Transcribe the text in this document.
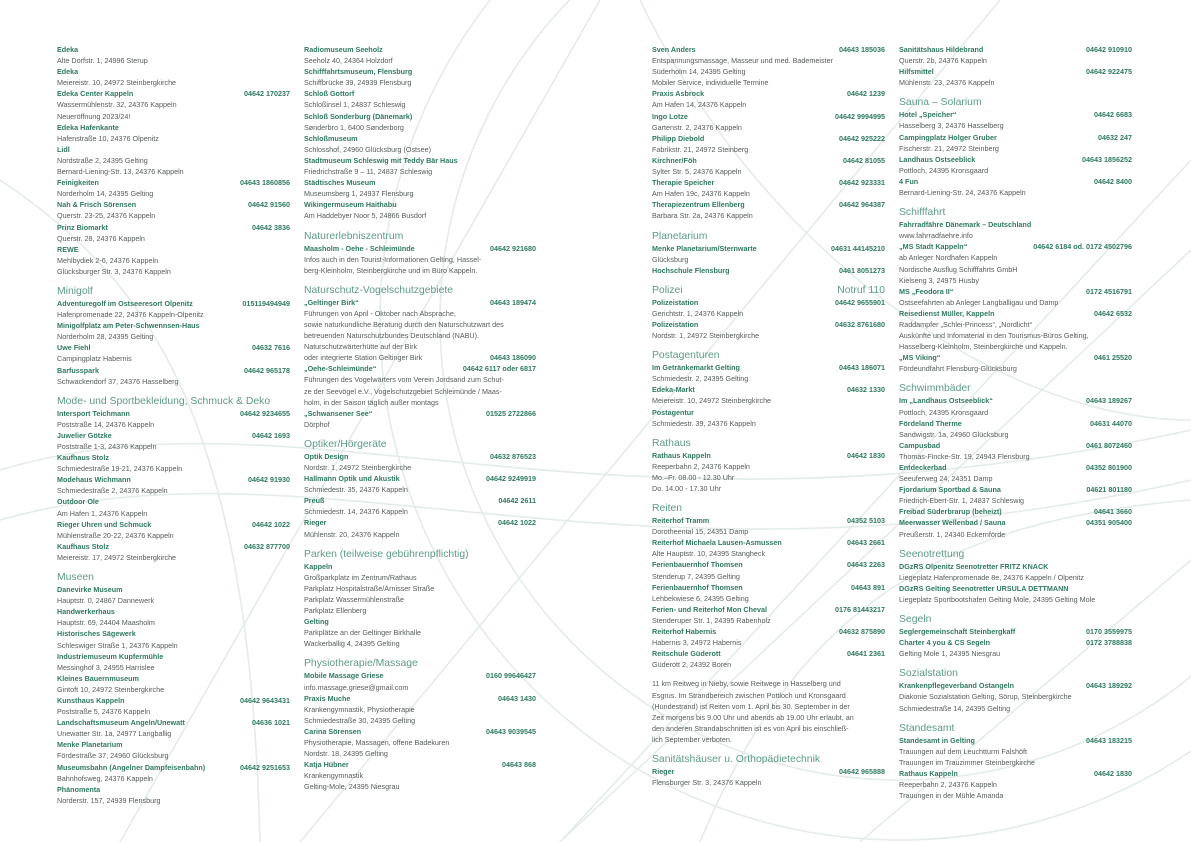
Edeka
Alte Dorfstr. 1, 24996 Sterup
Edeka
Meiereistr. 10, 24972 Steinbergkirche
Edeka Center Kappeln	04642 170237
Wassermühlenstr. 32, 24376 Kappeln
Neueröffnung 2023/24!
Edeka Hafenkante
Hafenstraße 10, 24376 Olpenitz
Lidl
Nordstraße 2, 24395 Gelting
Bernard-Liening-Str. 13, 24376 Kappeln
Feinigkeiten	04643 1860856
Norderholm 14, 24395 Gelting
Nah & Frisch Sörensen	04642 91560
Querstr. 23-25, 24376 Kappeln
Prinz Biomarkt	04642 3836
Querstr. 28, 24376 Kappeln
REWE
Mehlbydiek 2-6, 24376 Kappeln
Glücksburger Str. 3, 24376 Kappeln
Minigolf
Adventuregolf im Ostseeresort Olpenitz	015119494949
Hafenpromenade 22, 24376 Kappeln-Olpenitz
Minigolfplatz am Peter-Schwennsen-Haus
Norderholm 28, 24395 Gelting
Uwe Fiehl	04632 7616
Campingplatz Habernis
Barfusspark	04642 965178
Schwackendorf 37, 24376 Hasselberg
Mode- und Sportbekleidung, Schmuck & Deko
Intersport Teichmann	04642 9234655
Poststraße 14, 24376 Kappeln
Juwelier Götzke	04642 1693
Poststraße 1-3, 24376 Kappeln
Kaufhaus Stolz
Schmiedestraße 19-21, 24376 Kappeln
Modehaus Wichmann	04642 91930
Schmiedestraße 2, 24376 Kappeln
Outdoor Ole
Am Hafen 1, 24376 Kappeln
Rieger Uhren und Schmuck	04642 1022
Mühlenstraße 20-22, 24376 Kappeln
Kaufhaus Stolz	04632 877700
Meiereistr. 17, 24972 Steinbergkirche
Museen
Danevirke Museum
Hauptstr. 0, 24867 Dannewerk
Handwerkerhaus
Hauptstr. 69, 24404 Maasholm
Historisches Sägewerk
Schleswiger Straße 1, 24376 Kappeln
Industriemuseum Kupfermühle
Messinghof 3, 24955 Harrislee
Kleines Bauernmuseum
Gintoft 10, 24972 Steinbergkirche
Kunsthaus Kappeln	04642 9643431
Poststraße 5, 24376 Kappeln
Landschaftsmuseum Angeln/Unewatt	04636 1021
Unewatter Str. 1a, 24977 Langballig
Menke Planetarium
Fördestraße 37, 24960 Glücksburg
Museumsbahn (Angelner Dampfeisenbahn)	04642 9251653
Bahnhofsweg, 24376 Kappeln
Phänomenta
Norderstr. 157, 24939 Flensburg
Radiomuseum Seeholz
Seeholz 40, 24364 Holzdorf
Schifffahrtsmuseum, Flensburg
Schiffbrücke 39, 24939 Flensburg
Schloß Gottorf
Schloßinsel 1, 24837 Schleswig
Schloß Sonderburg (Dänemark)
Sønderbro 1, 6400 Sønderborg
Schloßmuseum
Schlosshof, 24960 Glücksburg (Ostsee)
Stadtmuseum Schleswig mit Teddy Bär Haus
Friedrichstraße 9 – 11, 24837 Schleswig
Städtisches Museum
Museumsberg 1, 24937 Flensburg
Wikingermuseum Haithabu
Am Haddebyer Noor 5, 24866 Busdorf
Naturerlebniszentrum
Maasholm - Oehe - Schleimünde	04642 921680
Infos auch in den Tourist-Informationen Gelting, Hassel-
berg-Kleinholm, Steinbergkirche und im Büro Kappeln.
Naturschutz-Vogelschutzgebiete
„Geltinger Birk“	04643 189474
Führungen von April - Oktober nach Absprache,
sowie naturkundliche Beratung durch den Naturschutzwart des
betreuenden Naturschutzbundes Deutschland (NABU).
Naturschutzwärterhütte auf der Birk
oder integrierte Station Geltinger Birk	04643 186090
„Oehe-Schleimünde“	04642 6117 oder 6817
Führungen des Vogelwärters vom Verein Jordsand zum Schut-
ze der Seevögel e.V., Vogelschutzgebiet Schleimünde / Maas-
holm, in der Saison täglich außer montags
„Schwansener See“	01525 2722866
Dörphof
Optiker/Hörgeräte
Optik Design	04632 876523
Nordstr. 1, 24972 Steinbergkirche
Hallmann Optik und Akustik	04642 9249919
Schmiedestr. 35, 24376 Kappeln
Preuß	04642 2611
Schmiedestr. 14, 24376 Kappeln
Rieger	04642 1022
Mühlenstr. 20, 24376 Kappeln
Parken (teilweise gebührenpflichtig)
Kappeln
Großparkplatz im Zentrum/Rathaus
Parkplatz Hospitalstraße/Arnisser Straße
Parkplatz Wassermühlenstraße
Parkplatz Ellenberg
Gelting
Parkplätze an der Geltinger Birkhalle
Wackerballig 4, 24395 Gelting
Physiotherapie/Massage
Mobile Massage Griese	0160 99646427
info.massage.griese@gmail.com
Praxis Muche	04643 1430
Krankengymnastik, Physiotherapie
Schmiedestraße 30, 24395 Gelting
Carina Sörensen	04643 9039545
Physiotherapie, Massagen, offene Badekuren
Nordstr. 18, 24395 Gelting
Katja Hübner	04643 868
Krankengymnastik
Gelting-Mole, 24395 Niesgrau
Sven Anders	04643 185036
Entspannungsmassage, Masseur und med. Bademeister
Süderholm 14, 24395 Gelting
Mobiler Service, individuelle Termine
Praxis Asbrock	04642 1239
Am Hafen 14, 24376 Kappeln
Ingo Lotze	04642 9994995
Gartenstr. 2, 24376 Kappeln
Philipp Diebold	04642 925222
Fabrikstr. 21, 24972 Steinberg
Kirchner/Föh	04642 81055
Sylter Str. 5, 24376 Kappeln
Therapie Speicher	04642 923331
Am Hafen 19c, 24376 Kappeln
Therapiezentrum Ellenberg	04642 964387
Barbara Str. 2a, 24376 Kappeln
Planetarium
Menke Planetarium/Sternwarte	04631 44145210
Glücksburg
Hochschule Flensburg	0461 8051273
Polizei	Notruf 110
Polizeistation	04642 9655901
Gerichtstr. 1, 24376 Kappeln
Polizeistation	04632 8761680
Nordstr. 1, 24972 Steinbergkirche
Postagenturen
Im Getränkemarkt Gelting	04643 186071
Schmiedestr. 2, 24395 Gelting
Edeka-Markt	04632 1330
Meiereistr. 10, 24972 Steinbergkirche
Postagentur
Schmiedestr. 39, 24376 Kappeln
Rathaus
Rathaus Kappeln	04642 1830
Reeperbahn 2, 24376 Kappeln
Mo.–Fr. 08.00 - 12.30 Uhr
Do. 14.00 - 17.30 Uhr
Reiten
Reiterhof Tramm	04352 5103
Dorotheental 15, 24351 Damp
Reiterhof Michaela Lausen-Asmussen	04643 2661
Alte Hauptstr. 10, 24395 Stangheck
Ferienbauernhof Thomsen	04643 2263
Stenderup 7, 24395 Gelting
Ferienbauernhof Thomsen	04643 891
Lehbekwiese 6, 24395 Gelting
Ferien- und Reiterhof Mon Cheval	0176 81443217
Stenderuper Str. 1, 24395 Rabenholz
Reiterhof Habernis	04632 875890
Habernis 3, 24972 Habernis
Reitschule Güderott	04641 2361
Güderott 2, 24392 Boren
11 km Reitweg in Nieby, sowie Reitwege in Hasselberg und
Esgrus. Im Strandbereich zwischen Pottloch und Kronsgaard
(Hundestrand) ist Reiten vom 1. April bis 30. September in der
Zeit morgens bis 9.00 Uhr und abends ab 19.00 Uhr erlaubt, an
den anderen Strandabschnitten ist es von April bis einschließ-
lich September verboten.
Sanitätshäuser u. Orthopädietechnik
Rieger	04642 965888
Flensburger Str. 3, 24376 Kappeln
Sanitätshaus Hildebrand	04642 910910
Querstr. 2b, 24376 Kappeln
Hilfsmittel	04642 922475
Mühlenstr. 23, 24376 Kappeln
Sauna – Solarium
Hotel „Speicher“	04642 6683
Hasselberg 3, 24376 Hasselberg
Campingplatz Holger Gruber	04632 247
Fischerstr. 21, 24972 Steinberg
Landhaus Ostseeblick	04643 1856252
Pottloch, 24395 Kronsgaard
4 Fun	04642 8400
Bernard-Liening-Str. 24, 24376 Kappeln
Schifffahrt
Fahrradfähre Dänemark – Deutschland
www.fahrradfaehre.info
„MS Stadt Kappeln“	04642 6184 od. 0172 4502796
ab Anleger Nordhafen Kappeln
Nordische Ausflug Schifffahrts GmbH
Kielseng 3, 24975 Husby
MS „Feodora II“	0172 4516791
Ostseefahrten ab Anleger Langballigau und Damp
Reisedienst Müller, Kappeln	04642 6532
Raddampfer „Schlei-Princess“, „Nordlicht“
Auskünfte und Infomaterial in den Tourismus-Büros Gelting,
Hasselberg-Kleinholm, Steinbergkirche und Kappeln.
„MS Viking“	0461 25520
Fördeundfahrt Flensburg-Glücksburg
Schwimmbäder
Im „Landhaus Ostseeblick“	04643 189267
Pottloch, 24395 Kronsgaard
Fördeland Therme	04631 44070
Sandwigstr. 1a, 24960 Glücksburg
Campusbad	0461 8072460
Thomas-Fincke-Str. 19, 24943 Flensburg
Entdeckerbad	04352 801900
Seeuferweg 24, 24351 Damp
Fjordarium Sportbad & Sauna	04621 801180
Friedrich-Ebert-Str. 1, 24837 Schleswig
Freibad Süderbrarup (beheizt)	04641 3660
Meerwasser Wellenbad / Sauna	04351 905400
Preußerstr. 1, 24340 Eckernförde
Seenotrettung
DGzRS Olpenitz Seenotretter FRITZ KNACK
Liegeplatz Hafenpromenade 8e, 24376 Kappeln / Olpenitz
DGzRS Gelting Seenotretter URSULA DETTMANN
Liegeplatz Sportbootshafen Gelting Mole, 24395 Gelting Mole
Segeln
Seglergemeinschaft Steinbergkaff	0170 3559975
Charter 4 you & CS Segeln	0172 3788838
Gelting Mole 1, 24395 Niesgrau
Sozialstation
Krankenpflegeverband Ostangeln	04643 189292
Diakonie Sozialstation Gelting, Sörup, Steinbergkirche
Schmiedestraße 14, 24395 Gelting
Standesamt
Standesamt in Gelting	04643 183215
Trauungen auf dem Leuchtturm Falshöft
Trauungen im Trauzimmer Steinbergkirche
Rathaus Kappeln	04642 1830
Reeperbahn 2, 24376 Kappeln
Trauungen in der Mühle Amanda
